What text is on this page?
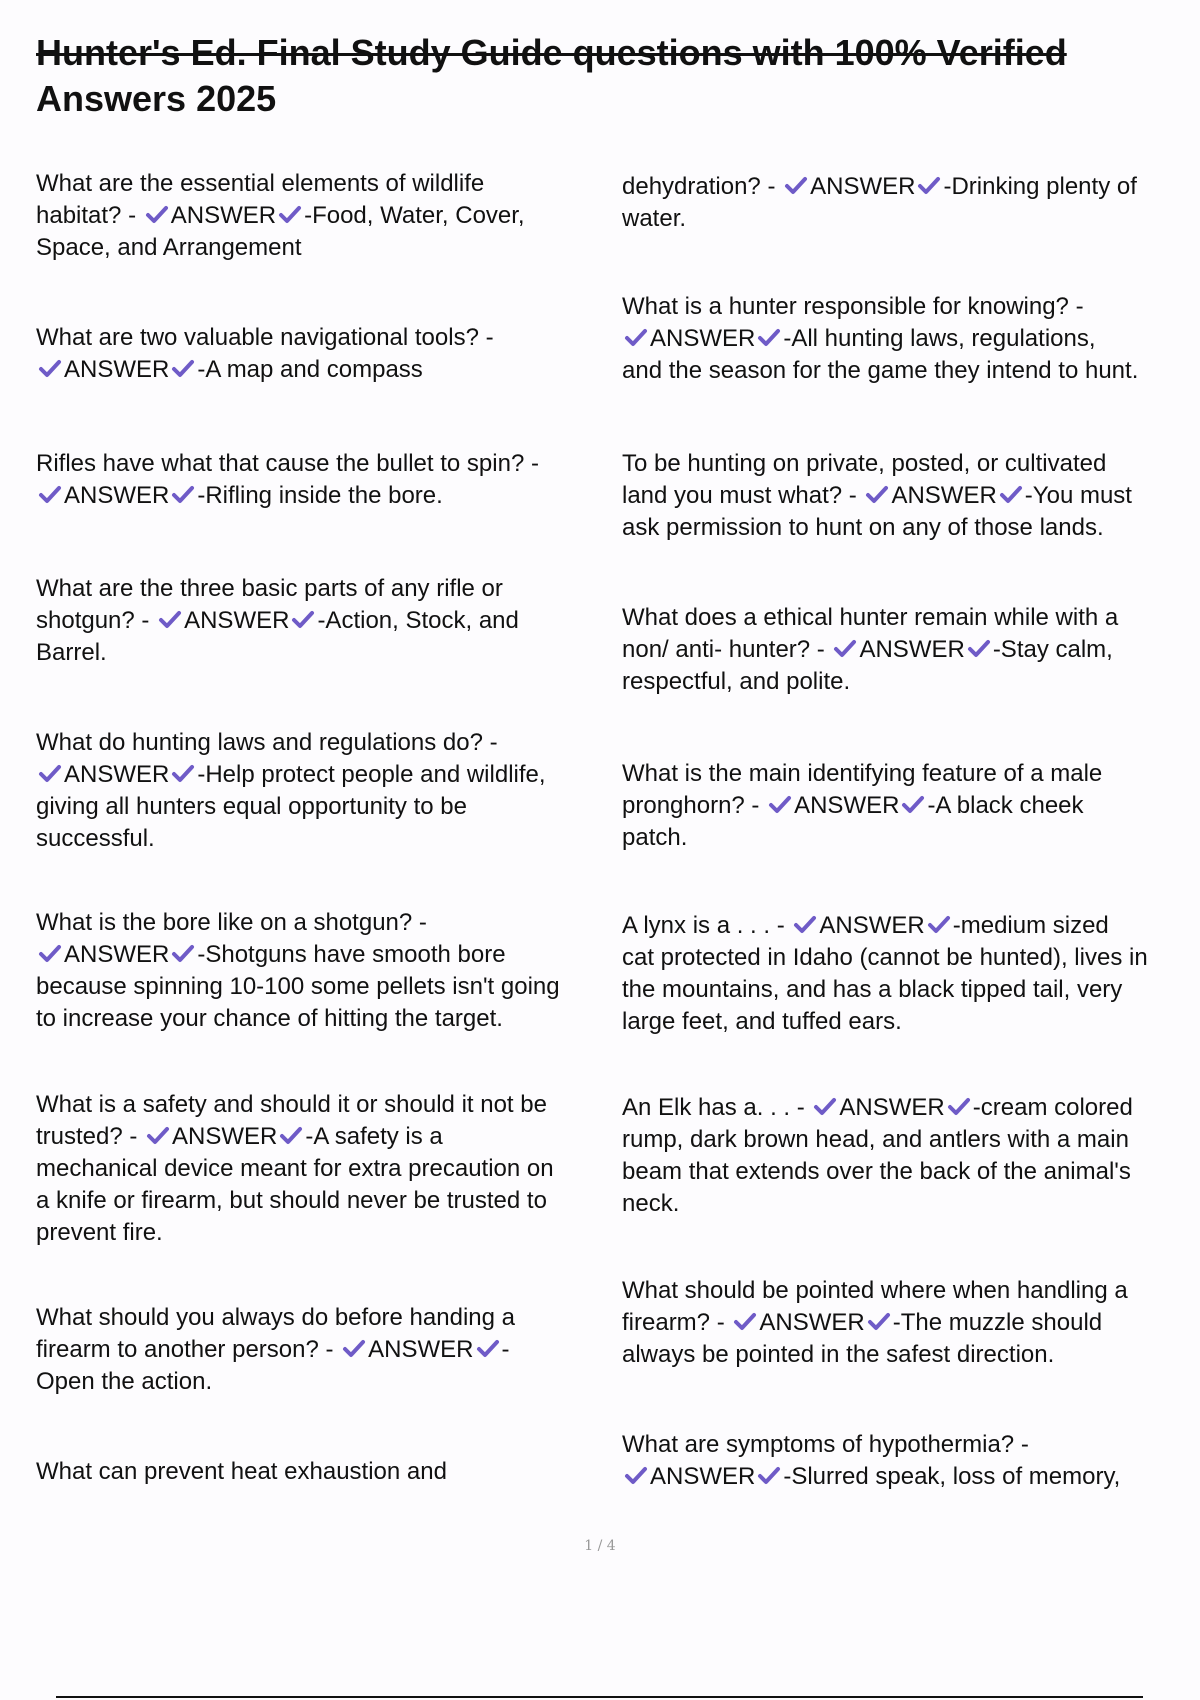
Hunter's Ed. Final Study Guide questions with 100% Verified
Answers 2025
What are the essential elements of wildlife
habitat? -
ANSWER -Food, Water, Cover,
Space, and Arrangement
What are two valuable navigational tools? -
ANSWER -A map and compass
Rifles have what that cause the bullet to spin? -
ANSWER -Rifling inside the bore.
What are the three basic parts of any rifle or
shotgun? -
ANSWER -Action, Stock, and
Barrel.
What do hunting laws and regulations do? -
ANSWER -Help protect people and wildlife,
giving all hunters equal opportunity to be
successful.
What is the bore like on a shotgun? -
ANSWER -Shotguns have smooth bore
because spinning 10-100 some pellets isn't going
to increase your chance of hitting the target.
What is a safety and should it or should it not be
trusted? -
ANSWER -A safety is a
mechanical device meant for extra precaution on
a knife or firearm, but should never be trusted to
prevent fire.
What should you always do before handing a
firearm to another person? -
ANSWER -
Open the action.
What can prevent heat exhaustion and
dehydration? -
ANSWER -Drinking plenty of
water.
What is a hunter responsible for knowing? -
ANSWER -All hunting laws, regulations,
and the season for the game they intend to hunt.
To be hunting on private, posted, or cultivated
land you must what? -
ANSWER -You must
ask permission to hunt on any of those lands.
What does a ethical hunter remain while with a
non/ anti- hunter? -
ANSWER -Stay calm,
respectful, and polite.
What is the main identifying feature of a male
pronghorn? -
ANSWER -A black cheek
patch.
A lynx is a . . . -
ANSWER -medium sized
cat protected in Idaho (cannot be hunted), lives in
the mountains, and has a black tipped tail, very
large feet, and tuffed ears.
An Elk has a. . . -
ANSWER -cream colored
rump, dark brown head, and antlers with a main
beam that extends over the back of the animal's
neck.
What should be pointed where when handling a
firearm? -
ANSWER -The muzzle should
always be pointed in the safest direction.
What are symptoms of hypothermia? -
ANSWER -Slurred speak, loss of memory,
1 / 4
